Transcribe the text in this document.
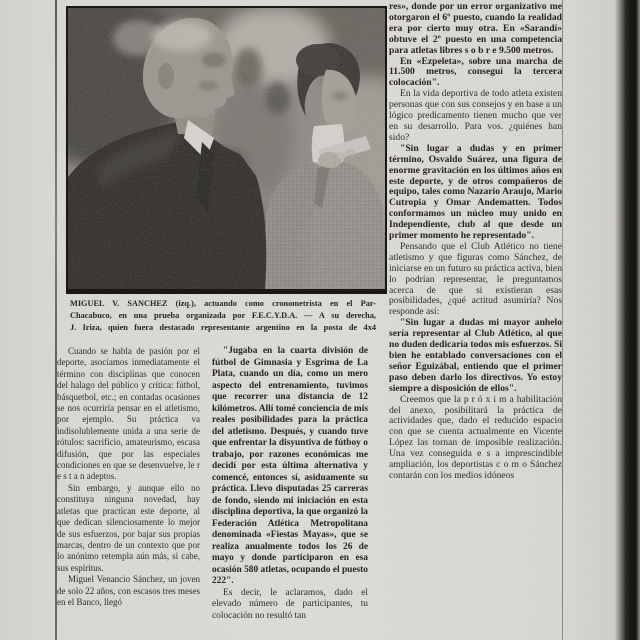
MIGUEL V. SANCHEZ (izq.), actuando como cronometrista en el Par-
Chacabuco, en una prueba organizada por F.E.C.Y.D.A. — A su derecha,
J. Iriza, quien fuera destacado representante argentino en la posta de 4x4

Cuando se habla de pasión por el deporte, asociamos inmediatamente el término con disciplinas que conocen del halago del público y crítica: fútbol, básquetbol, etc.; en contadas ocasiones se nos ocurriría pensar en el atletismo, por ejemplo. Su práctica va indisolublemente unida a una serie de rótulos: sacrificio, amateurismo, escasa difusión, que por las especiales condiciones en que se desenvuelve, le r e s t a n adeptos.

Sin embargo, y aunque ello no constituya ninguna novedad, hay atletas que practican este deporte, al que dedican silenciosamente lo mejor de sus esfuerzos, por bajar sus propias marcas, dentro de un contexto que por lo anónimo retempla aún más, si cabe, sus espíritus.

Miguel Venancio Sánchez, un joven de solo 22 años, con escasos tres meses en el Banco, llegó

"Jugaba en la cuarta división de fútbol de Gimnasia y Esgrima de La Plata, cuando un día, como un mero aspecto del entrenamiento, tuvimos que recorrer una distancia de 12 kilómetros. Allí tomé conciencia de mis reales posibilidades para la práctica del atletismo. Después, y cuando tuve que enfrentar la disyuntiva de fútboy o trabajo, por razones económicas me decidí por esta última alternativa y comencé, entonces sí, asiduamente su práctica. Llevo disputadas 25 carreras de fondo, siendo mi iniciación en esta disciplina deportiva, la que organizó la Federación Atlética Metropolitana denominada «Fiestas Mayas», que se realiza anualmente todos los 26 de mayo y donde participaron en esa ocasión 580 atletas, ocupando el puesto 222".

Es decir, le aclaramos, dado el elevado número de participantes, tu colocación no resultó tan

res», donde por un error organizativo me otorgaron el 6º puesto, cuando la realidad era por cierto muy otra. En «Sarandí» obtuve el 2º puesto en una competencia para atletas libres s o b r e 9.500 metros.

En «Ezpeleta», sobre una marcha de 11.500 metros, conseguí la tercera colocación".

En la vida deportiva de todo atleta existen personas que con sus consejos y en base a un lógico predicamento tienen mucho que ver en su desarrollo. Para vos. ¿quiénes han sido?

"Sin lugar a dudas y en primer término, Osvaldo Suárez, una figura de enorme gravitación en los últimos años en este deporte, y de otros compañeros de equipo, tales como Nazario Araujo, Mario Cutropia y Omar Andematten. Todos conformamos un núcleo muy unido en Independiente, club al que desde un primer momento he representado".

Pensando que el Club Atlético no tiene atletismo y que figuras como Sánchez, de iniciarse en un futuro su práctica activa, bien lo podrían representar, le preguntamos acerca de que si existieran esas posibilidades, ¿qué actitud asumiría? Nos responde así:

"Sin lugar a dudas mi mayor anhelo sería representar al Club Atlético, al que no duden dedicaría todos mis esfuerzos. Si bien he entablado conversaciones con el señor Eguizábal, entiendo que el primer paso deben darlo los directivos. Yo estoy siempre a disposición de ellos".

Creemos que la p r ó x i m a habilitación del anexo, posibilitará la práctica de actividades que, dado el reducido espacio con que se cuenta actualmente en Vicente López las tornan de imposible realización. Una vez conseguida e s a imprescindible ampliación, los deportistas c o m o Sánchez contarán con los medios idóneos
